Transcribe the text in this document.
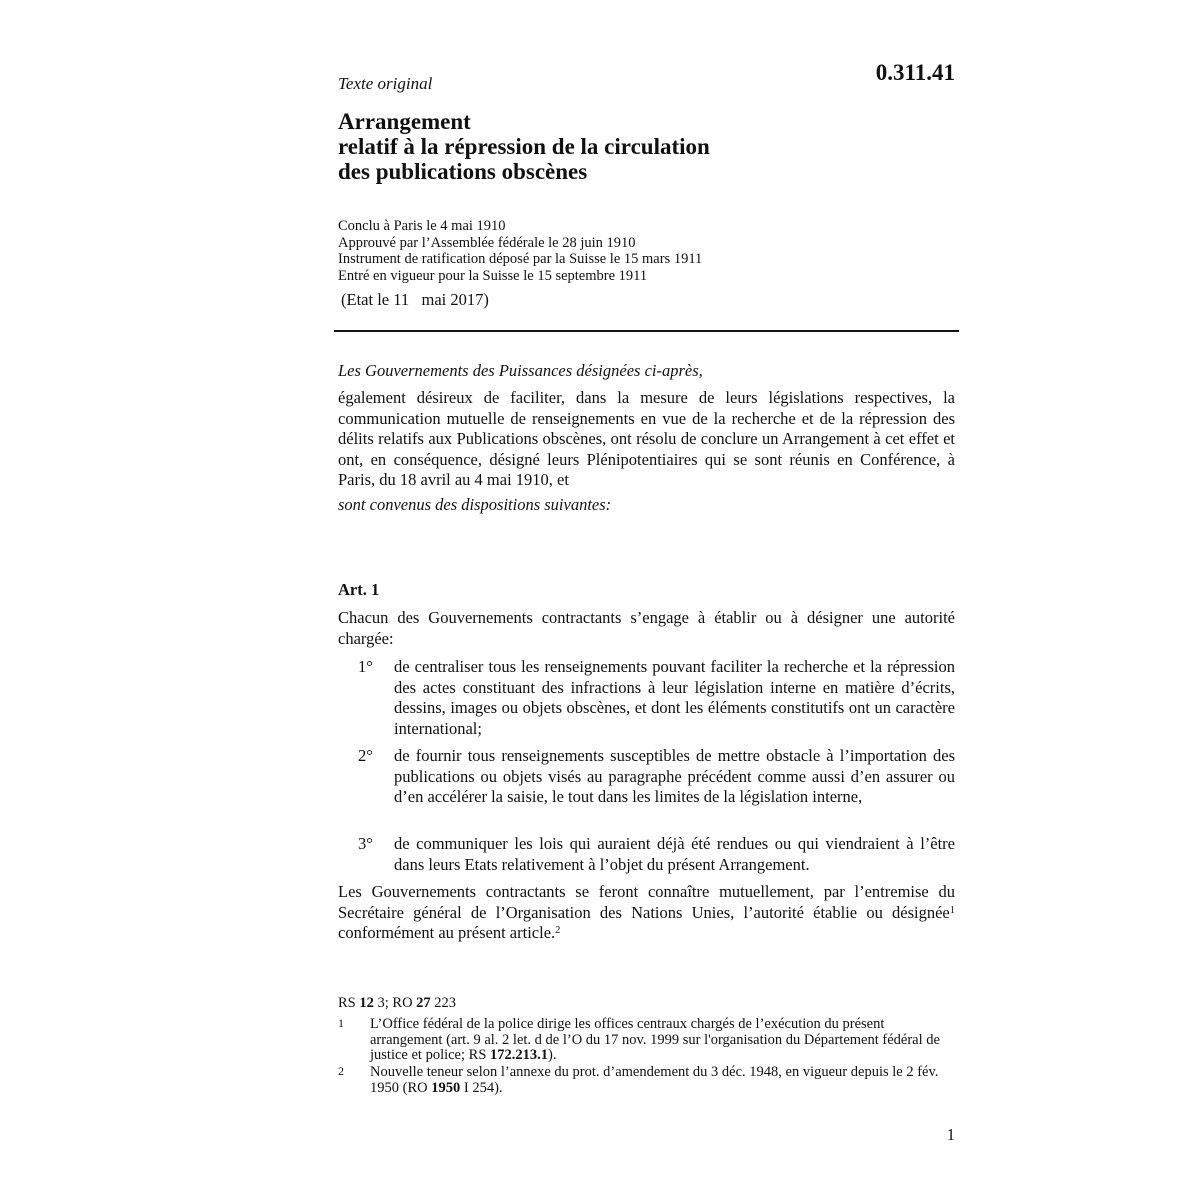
Texte original	0.311.41
Arrangement
relatif à la répression de la circulation
des publications obscènes
Conclu à Paris le 4 mai 1910
Approuvé par l’Assemblée fédérale le 28 juin 1910
Instrument de ratification déposé par la Suisse le 15 mars 1911
Entré en vigueur pour la Suisse le 15 septembre 1911
(Etat le 11   mai 2017)
Les Gouvernements des Puissances désignées ci-après,
également désireux de faciliter, dans la mesure de leurs législations respectives, la communication mutuelle de renseignements en vue de la recherche et de la répression des délits relatifs aux Publications obscènes, ont résolu de conclure un Arrangement à cet effet et ont, en conséquence, désigné leurs Plénipotentiaires qui se sont réunis en Conférence, à Paris, du 18 avril au 4 mai 1910, et
sont convenus des dispositions suivantes:
Art. 1
Chacun des Gouvernements contractants s’engage à établir ou à désigner une autorité chargée:
1° de centraliser tous les renseignements pouvant faciliter la recherche et la répression des actes constituant des infractions à leur législation interne en matière d’écrits, dessins, images ou objets obscènes, et dont les éléments constitutifs ont un caractère international;
2° de fournir tous renseignements susceptibles de mettre obstacle à l’importation des publications ou objets visés au paragraphe précédent comme aussi d’en assurer ou d’en accélérer la saisie, le tout dans les limites de la législation interne,
3° de communiquer les lois qui auraient déjà été rendues ou qui viendraient à l’être dans leurs Etats relativement à l’objet du présent Arrangement.
Les Gouvernements contractants se feront connaître mutuellement, par l’entremise du Secrétaire général de l’Organisation des Nations Unies, l’autorité établie ou désignée$^1$ conformément au présent article.$^2$
RS 12 3; RO 27 223
1 L’Office fédéral de la police dirige les offices centraux chargés de l’exécution du présent arrangement (art. 9 al. 2 let. d de l’O du 17 nov. 1999 sur l'organisation du Département fédéral de justice et police; RS 172.213.1).
2 Nouvelle teneur selon l’annexe du prot. d’amendement du 3 déc. 1948, en vigueur depuis le 2 fév. 1950 (RO 1950 I 254).
1
